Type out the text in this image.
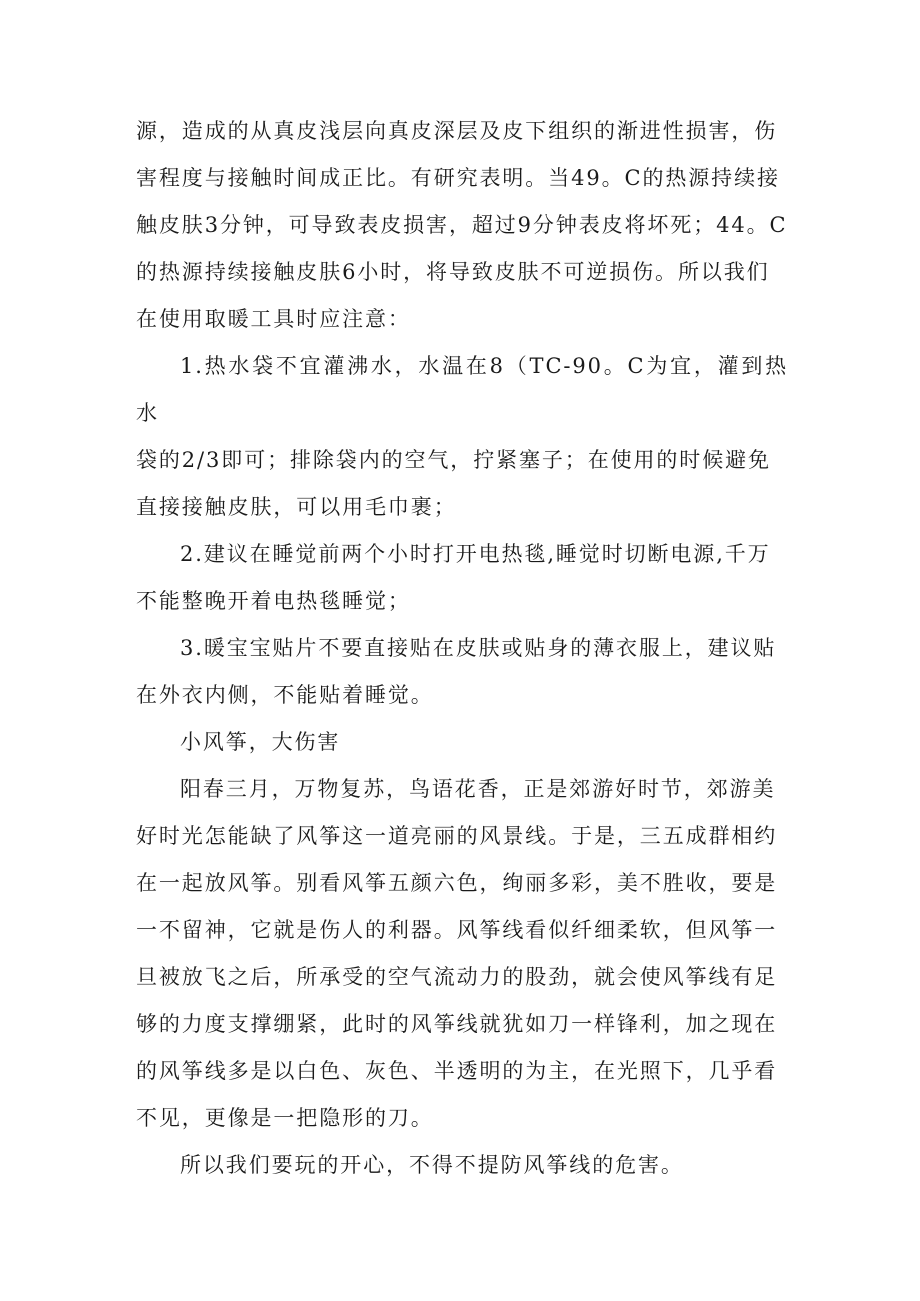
源，造成的从真皮浅层向真皮深层及皮下组织的渐进性损害，伤
害程度与接触时间成正比。有研究表明。当49。C的热源持续接
触皮肤3分钟，可导致表皮损害，超过9分钟表皮将坏死；44。C
的热源持续接触皮肤6小时，将导致皮肤不可逆损伤。所以我们
在使用取暖工具时应注意：

1.热水袋不宜灌沸水，水温在8（TC-90。C为宜，灌到热水
袋的2/3即可；排除袋内的空气，拧紧塞子；在使用的时候避免
直接接触皮肤，可以用毛巾裹；

2.建议在睡觉前两个小时打开电热毯,睡觉时切断电源,千万
不能整晚开着电热毯睡觉；

3.暖宝宝贴片不要直接贴在皮肤或贴身的薄衣服上，建议贴
在外衣内侧，不能贴着睡觉。

小风筝，大伤害

阳春三月，万物复苏，鸟语花香，正是郊游好时节，郊游美
好时光怎能缺了风筝这一道亮丽的风景线。于是，三五成群相约
在一起放风筝。别看风筝五颜六色，绚丽多彩，美不胜收，要是
一不留神，它就是伤人的利器。风筝线看似纤细柔软，但风筝一
旦被放飞之后，所承受的空气流动力的股劲，就会使风筝线有足
够的力度支撑绷紧，此时的风筝线就犹如刀一样锋利，加之现在
的风筝线多是以白色、灰色、半透明的为主，在光照下，几乎看
不见，更像是一把隐形的刀。

所以我们要玩的开心，不得不提防风筝线的危害。
